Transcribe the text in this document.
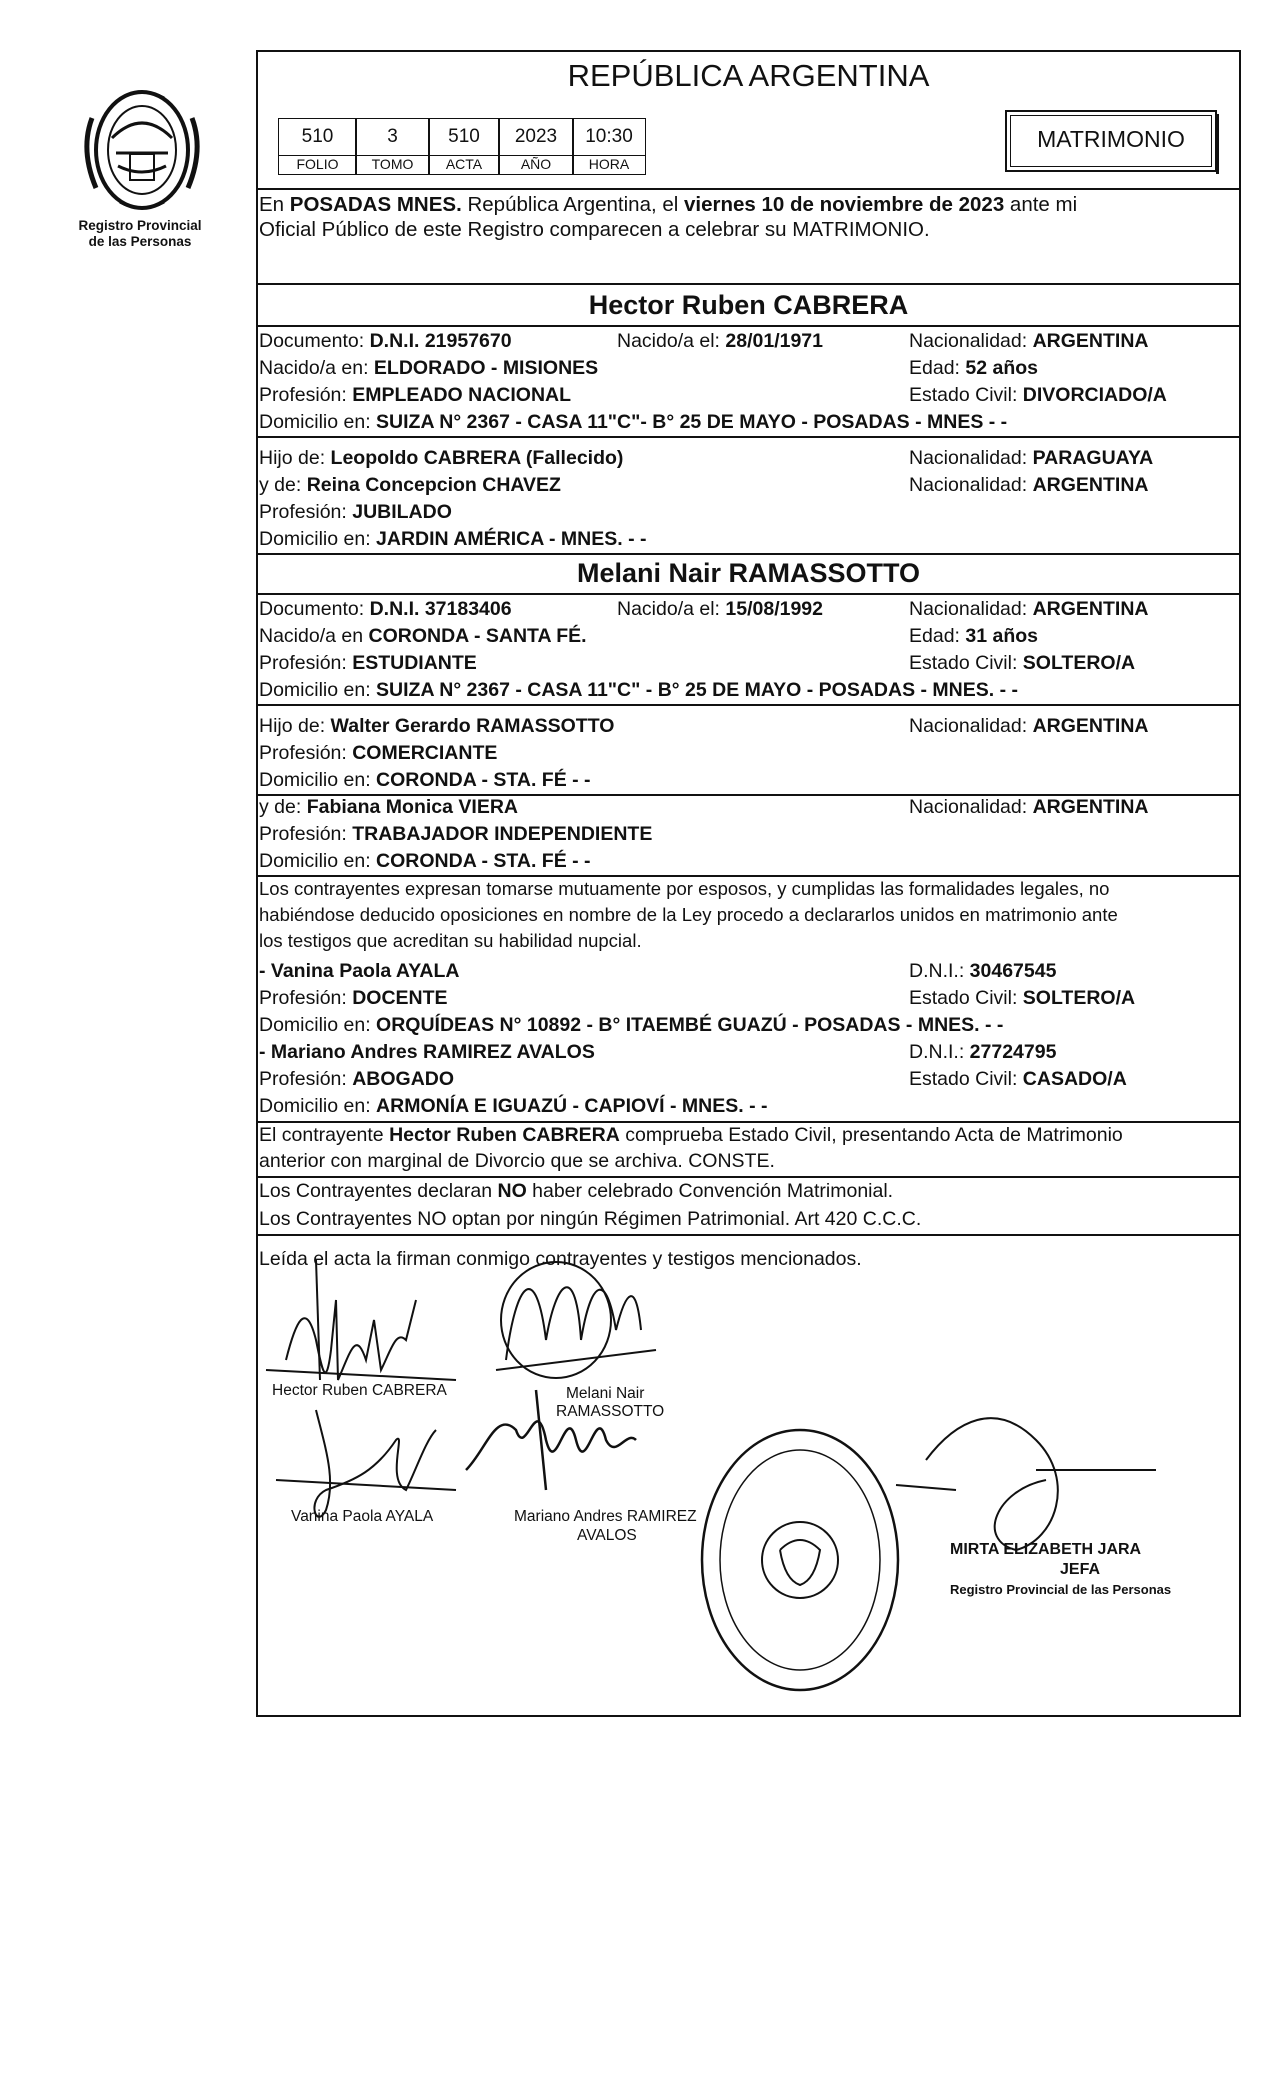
Registro Provincial
de las Personas
REPÚBLICA ARGENTINA
510	3	510	2023	10:30
FOLIO	TOMO	ACTA	AÑO	HORA
MATRIMONIO
En POSADAS MNES. República Argentina, el viernes 10 de noviembre de 2023 ante mi
Oficial Público de este Registro comparecen a celebrar su MATRIMONIO.
Hector Ruben CABRERA
Documento: D.N.I. 21957670	Nacido/a el: 28/01/1971	Nacionalidad: ARGENTINA
Nacido/a en: ELDORADO - MISIONES	Edad: 52 años
Profesión: EMPLEADO NACIONAL	Estado Civil: DIVORCIADO/A
Domicilio en: SUIZA N° 2367 - CASA 11"C"- B° 25 DE MAYO - POSADAS - MNES - -
Hijo de: Leopoldo CABRERA (Fallecido)	Nacionalidad: PARAGUAYA
y de: Reina Concepcion CHAVEZ	Nacionalidad: ARGENTINA
Profesión: JUBILADO
Domicilio en: JARDIN AMÉRICA - MNES. - -
Melani Nair RAMASSOTTO
Documento: D.N.I. 37183406	Nacido/a el: 15/08/1992	Nacionalidad: ARGENTINA
Nacido/a en CORONDA - SANTA FÉ.	Edad: 31 años
Profesión: ESTUDIANTE	Estado Civil: SOLTERO/A
Domicilio en: SUIZA N° 2367 - CASA 11"C" - B° 25 DE MAYO - POSADAS - MNES. - -
Hijo de: Walter Gerardo RAMASSOTTO	Nacionalidad: ARGENTINA
Profesión: COMERCIANTE
Domicilio en: CORONDA - STA. FÉ - -
y de: Fabiana Monica VIERA	Nacionalidad: ARGENTINA
Profesión: TRABAJADOR INDEPENDIENTE
Domicilio en: CORONDA - STA. FÉ - -
Los contrayentes expresan tomarse mutuamente por esposos, y cumplidas las formalidades legales, no
habiéndose deducido oposiciones en nombre de la Ley procedo a declararlos unidos en matrimonio ante
los testigos que acreditan su habilidad nupcial.
- Vanina Paola AYALA	D.N.I.: 30467545
Profesión: DOCENTE	Estado Civil: SOLTERO/A
Domicilio en: ORQUÍDEAS N° 10892 - B° ITAEMBÉ GUAZÚ - POSADAS - MNES. - -
- Mariano Andres RAMIREZ AVALOS	D.N.I.: 27724795
Profesión: ABOGADO	Estado Civil: CASADO/A
Domicilio en: ARMONÍA E IGUAZÚ - CAPIOVÍ - MNES. - -
El contrayente Hector Ruben CABRERA comprueba Estado Civil, presentando Acta de Matrimonio
anterior con marginal de Divorcio que se archiva. CONSTE.
Los Contrayentes declaran NO haber celebrado Convención Matrimonial.
Los Contrayentes NO optan por ningún Régimen Patrimonial. Art 420 C.C.C.
Leída el acta la firman conmigo contrayentes y testigos mencionados.
Hector Ruben CABRERA	Melani Nair
RAMASSOTTO
Vanina Paola AYALA	Mariano Andres RAMIREZ
AVALOS
MIRTA ELIZABETH JARA
JEFA
Registro Provincial de las Personas
